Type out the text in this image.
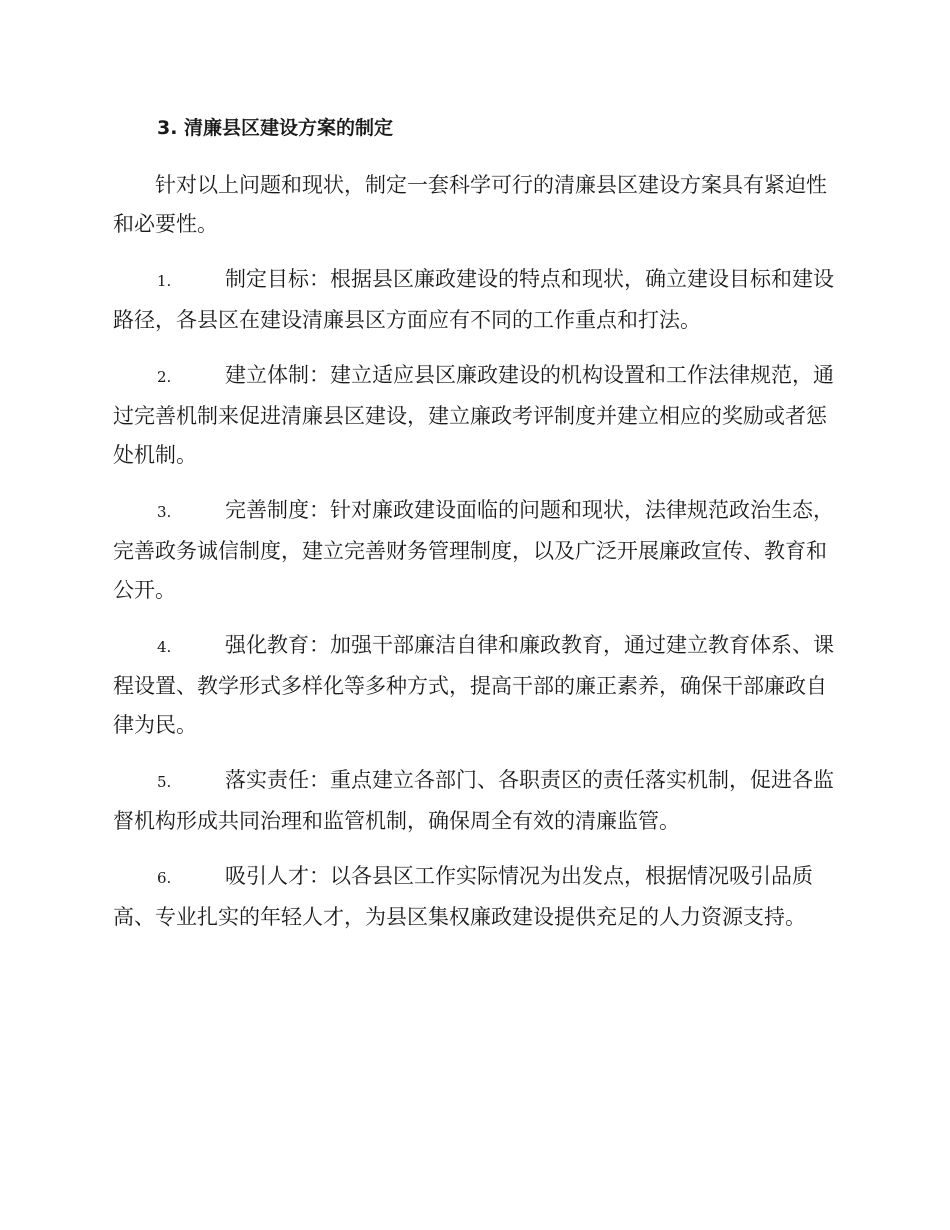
3. 清廉县区建设方案的制定

针对以上问题和现状，制定一套科学可行的清廉县区建设方案具有紧迫性和必要性。

1.	制定目标：根据县区廉政建设的特点和现状，确立建设目标和建设路径，各县区在建设清廉县区方面应有不同的工作重点和打法。

2.	建立体制：建立适应县区廉政建设的机构设置和工作法律规范，通过完善机制来促进清廉县区建设，建立廉政考评制度并建立相应的奖励或者惩处机制。

3.	完善制度：针对廉政建设面临的问题和现状，法律规范政治生态，完善政务诚信制度，建立完善财务管理制度，以及广泛开展廉政宣传、教育和公开。

4.	强化教育：加强干部廉洁自律和廉政教育，通过建立教育体系、课程设置、教学形式多样化等多种方式，提高干部的廉正素养，确保干部廉政自律为民。

5.	落实责任：重点建立各部门、各职责区的责任落实机制，促进各监督机构形成共同治理和监管机制，确保周全有效的清廉监管。

6.	吸引人才：以各县区工作实际情况为出发点，根据情况吸引品质高、专业扎实的年轻人才，为县区集权廉政建设提供充足的人力资源支持。
